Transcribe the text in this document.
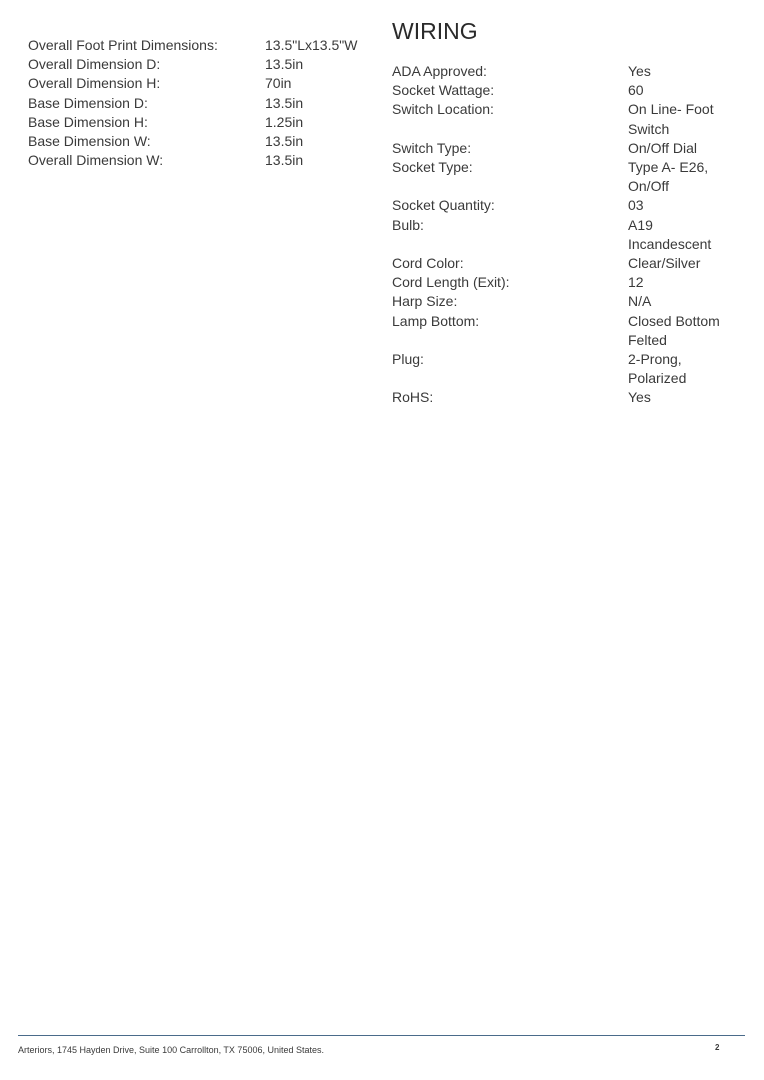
Overall Foot Print Dimensions:	13.5"Lx13.5"W
Overall Dimension D:	13.5in
Overall Dimension H:	70in
Base Dimension D:	13.5in
Base Dimension H:	1.25in
Base Dimension W:	13.5in
Overall Dimension W:	13.5in
WIRING
ADA Approved:	Yes
Socket Wattage:	60
Switch Location:	On Line- Foot Switch
Switch Type:	On/Off Dial
Socket Type:	Type A- E26, On/Off
Socket Quantity:	03
Bulb:	A19 Incandescent
Cord Color:	Clear/Silver
Cord Length (Exit):	12
Harp Size:	N/A
Lamp Bottom:	Closed Bottom Felted
Plug:	2-Prong, Polarized
RoHS:	Yes
Arteriors, 1745 Hayden Drive, Suite 100 Carrollton, TX 75006, United States.	2
